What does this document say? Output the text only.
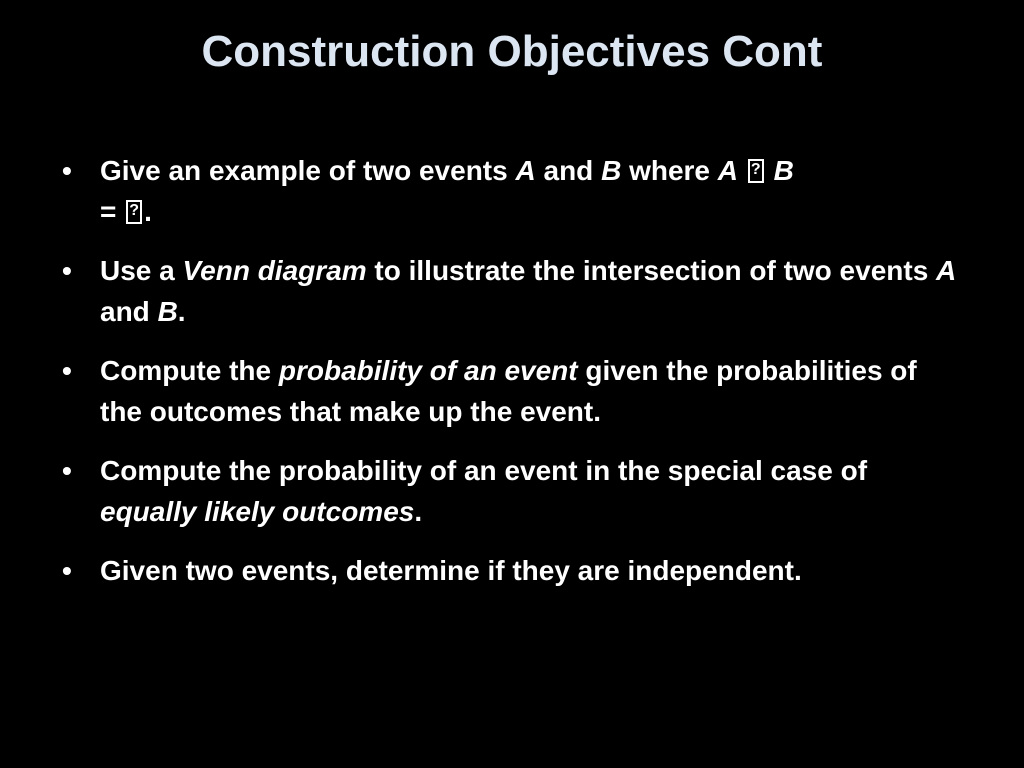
Construction Objectives Cont
•	Give an example of two events A and B where A ? B
= ?.
•	Use a Venn diagram to illustrate the intersection of two events A and B.
•	Compute the probability of an event given the probabilities of the outcomes that make up the event.
•	Compute the probability of an event in the special case of equally likely outcomes.
•	Given two events, determine if they are independent.
